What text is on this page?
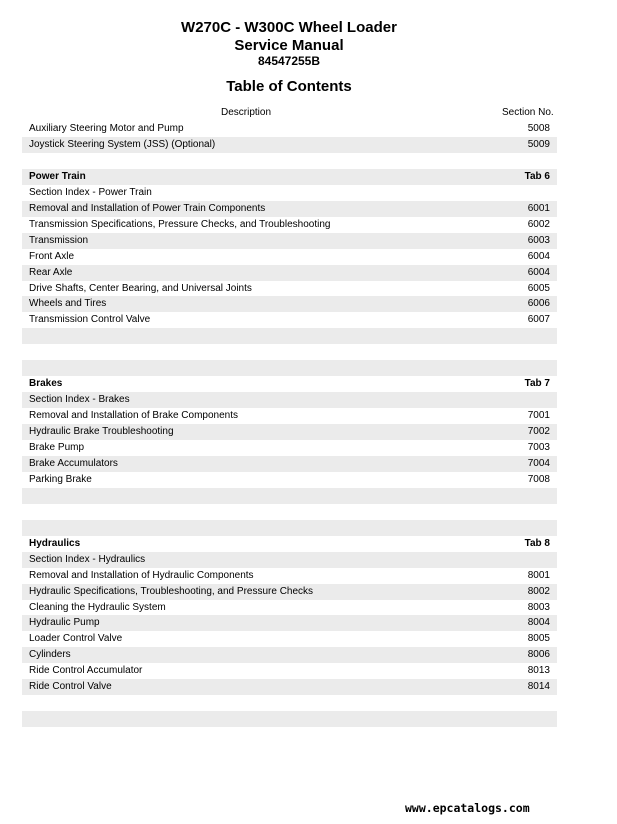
W270C - W300C Wheel Loader
Service Manual
84547255B
Table of Contents
Description	Section No.
Auxiliary Steering Motor and Pump	5008
Joystick Steering System (JSS) (Optional)	5009
Power Train	Tab 6
Section Index - Power Train
Removal and Installation of Power Train Components	6001
Transmission Specifications, Pressure Checks, and Troubleshooting	6002
Transmission	6003
Front Axle	6004
Rear Axle	6004
Drive Shafts, Center Bearing, and Universal Joints	6005
Wheels and Tires	6006
Transmission Control Valve	6007
Brakes	Tab 7
Section Index - Brakes
Removal and Installation of Brake Components	7001
Hydraulic Brake Troubleshooting	7002
Brake Pump	7003
Brake Accumulators	7004
Parking Brake	7008
Hydraulics	Tab 8
Section Index - Hydraulics
Removal and Installation of Hydraulic Components	8001
Hydraulic Specifications, Troubleshooting, and Pressure Checks	8002
Cleaning the Hydraulic System	8003
Hydraulic Pump	8004
Loader Control Valve	8005
Cylinders	8006
Ride Control Accumulator	8013
Ride Control Valve	8014
www.epcatalogs.com
